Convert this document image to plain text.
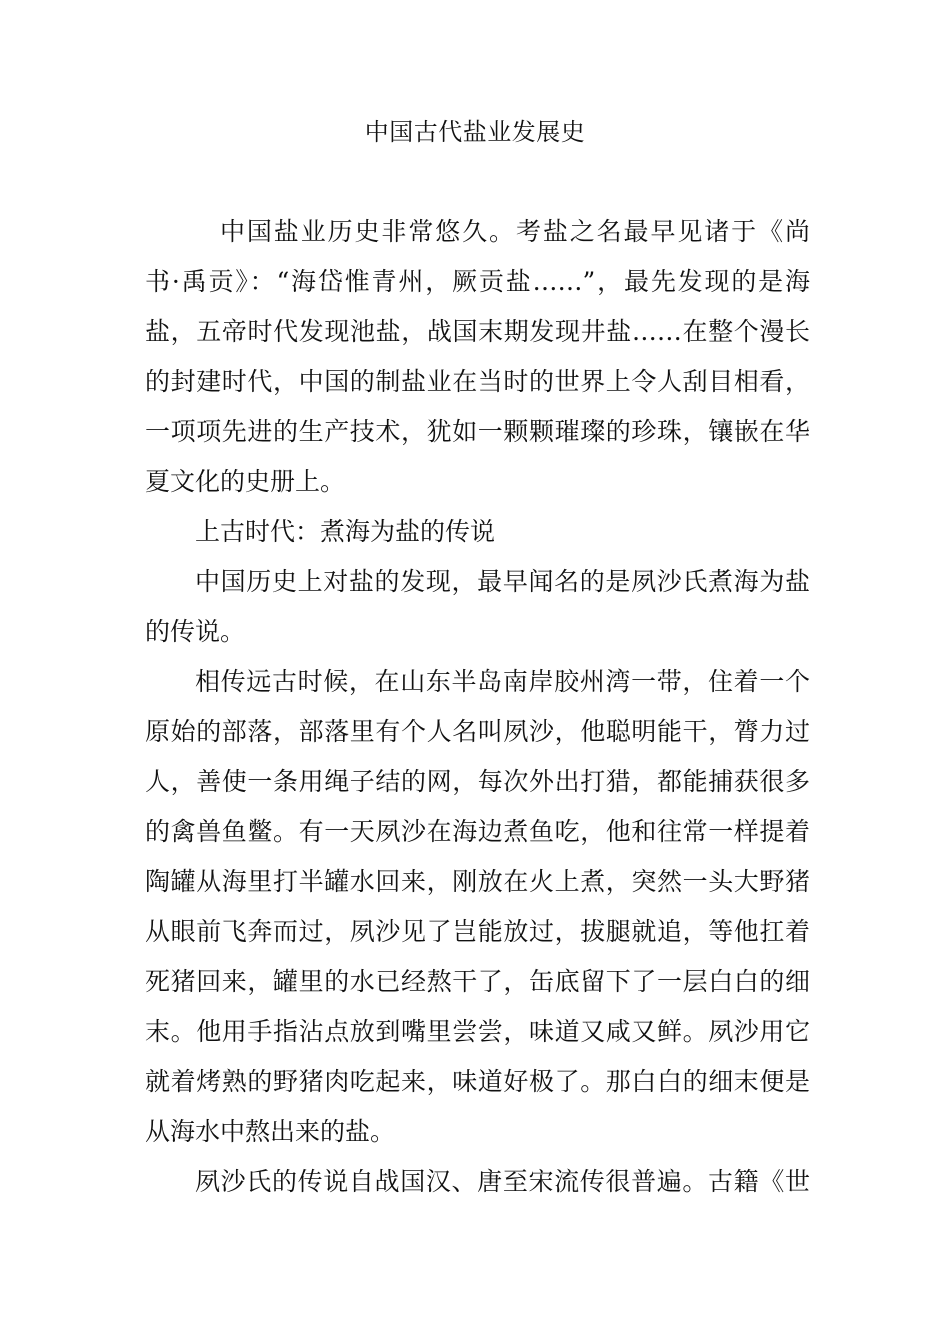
中国古代盐业发展史
中国盐业历史非常悠久。考盐之名最早见诸于《尚
书·禹贡》：“海岱惟青州，厥贡盐……”，最先发现的是海
盐，五帝时代发现池盐，战国末期发现井盐……在整个漫长
的封建时代，中国的制盐业在当时的世界上令人刮目相看，
一项项先进的生产技术，犹如一颗颗璀璨的珍珠，镶嵌在华
夏文化的史册上。
上古时代：煮海为盐的传说
中国历史上对盐的发现，最早闻名的是夙沙氏煮海为盐
的传说。
相传远古时候，在山东半岛南岸胶州湾一带，住着一个
原始的部落，部落里有个人名叫夙沙，他聪明能干，膂力过
人，善使一条用绳子结的网，每次外出打猎，都能捕获很多
的禽兽鱼鳖。有一天夙沙在海边煮鱼吃，他和往常一样提着
陶罐从海里打半罐水回来，刚放在火上煮，突然一头大野猪
从眼前飞奔而过，夙沙见了岂能放过，拔腿就追，等他扛着
死猪回来，罐里的水已经熬干了，缶底留下了一层白白的细
末。他用手指沾点放到嘴里尝尝，味道又咸又鲜。夙沙用它
就着烤熟的野猪肉吃起来，味道好极了。那白白的细末便是
从海水中熬出来的盐。
夙沙氏的传说自战国汉、唐至宋流传很普遍。古籍《世
